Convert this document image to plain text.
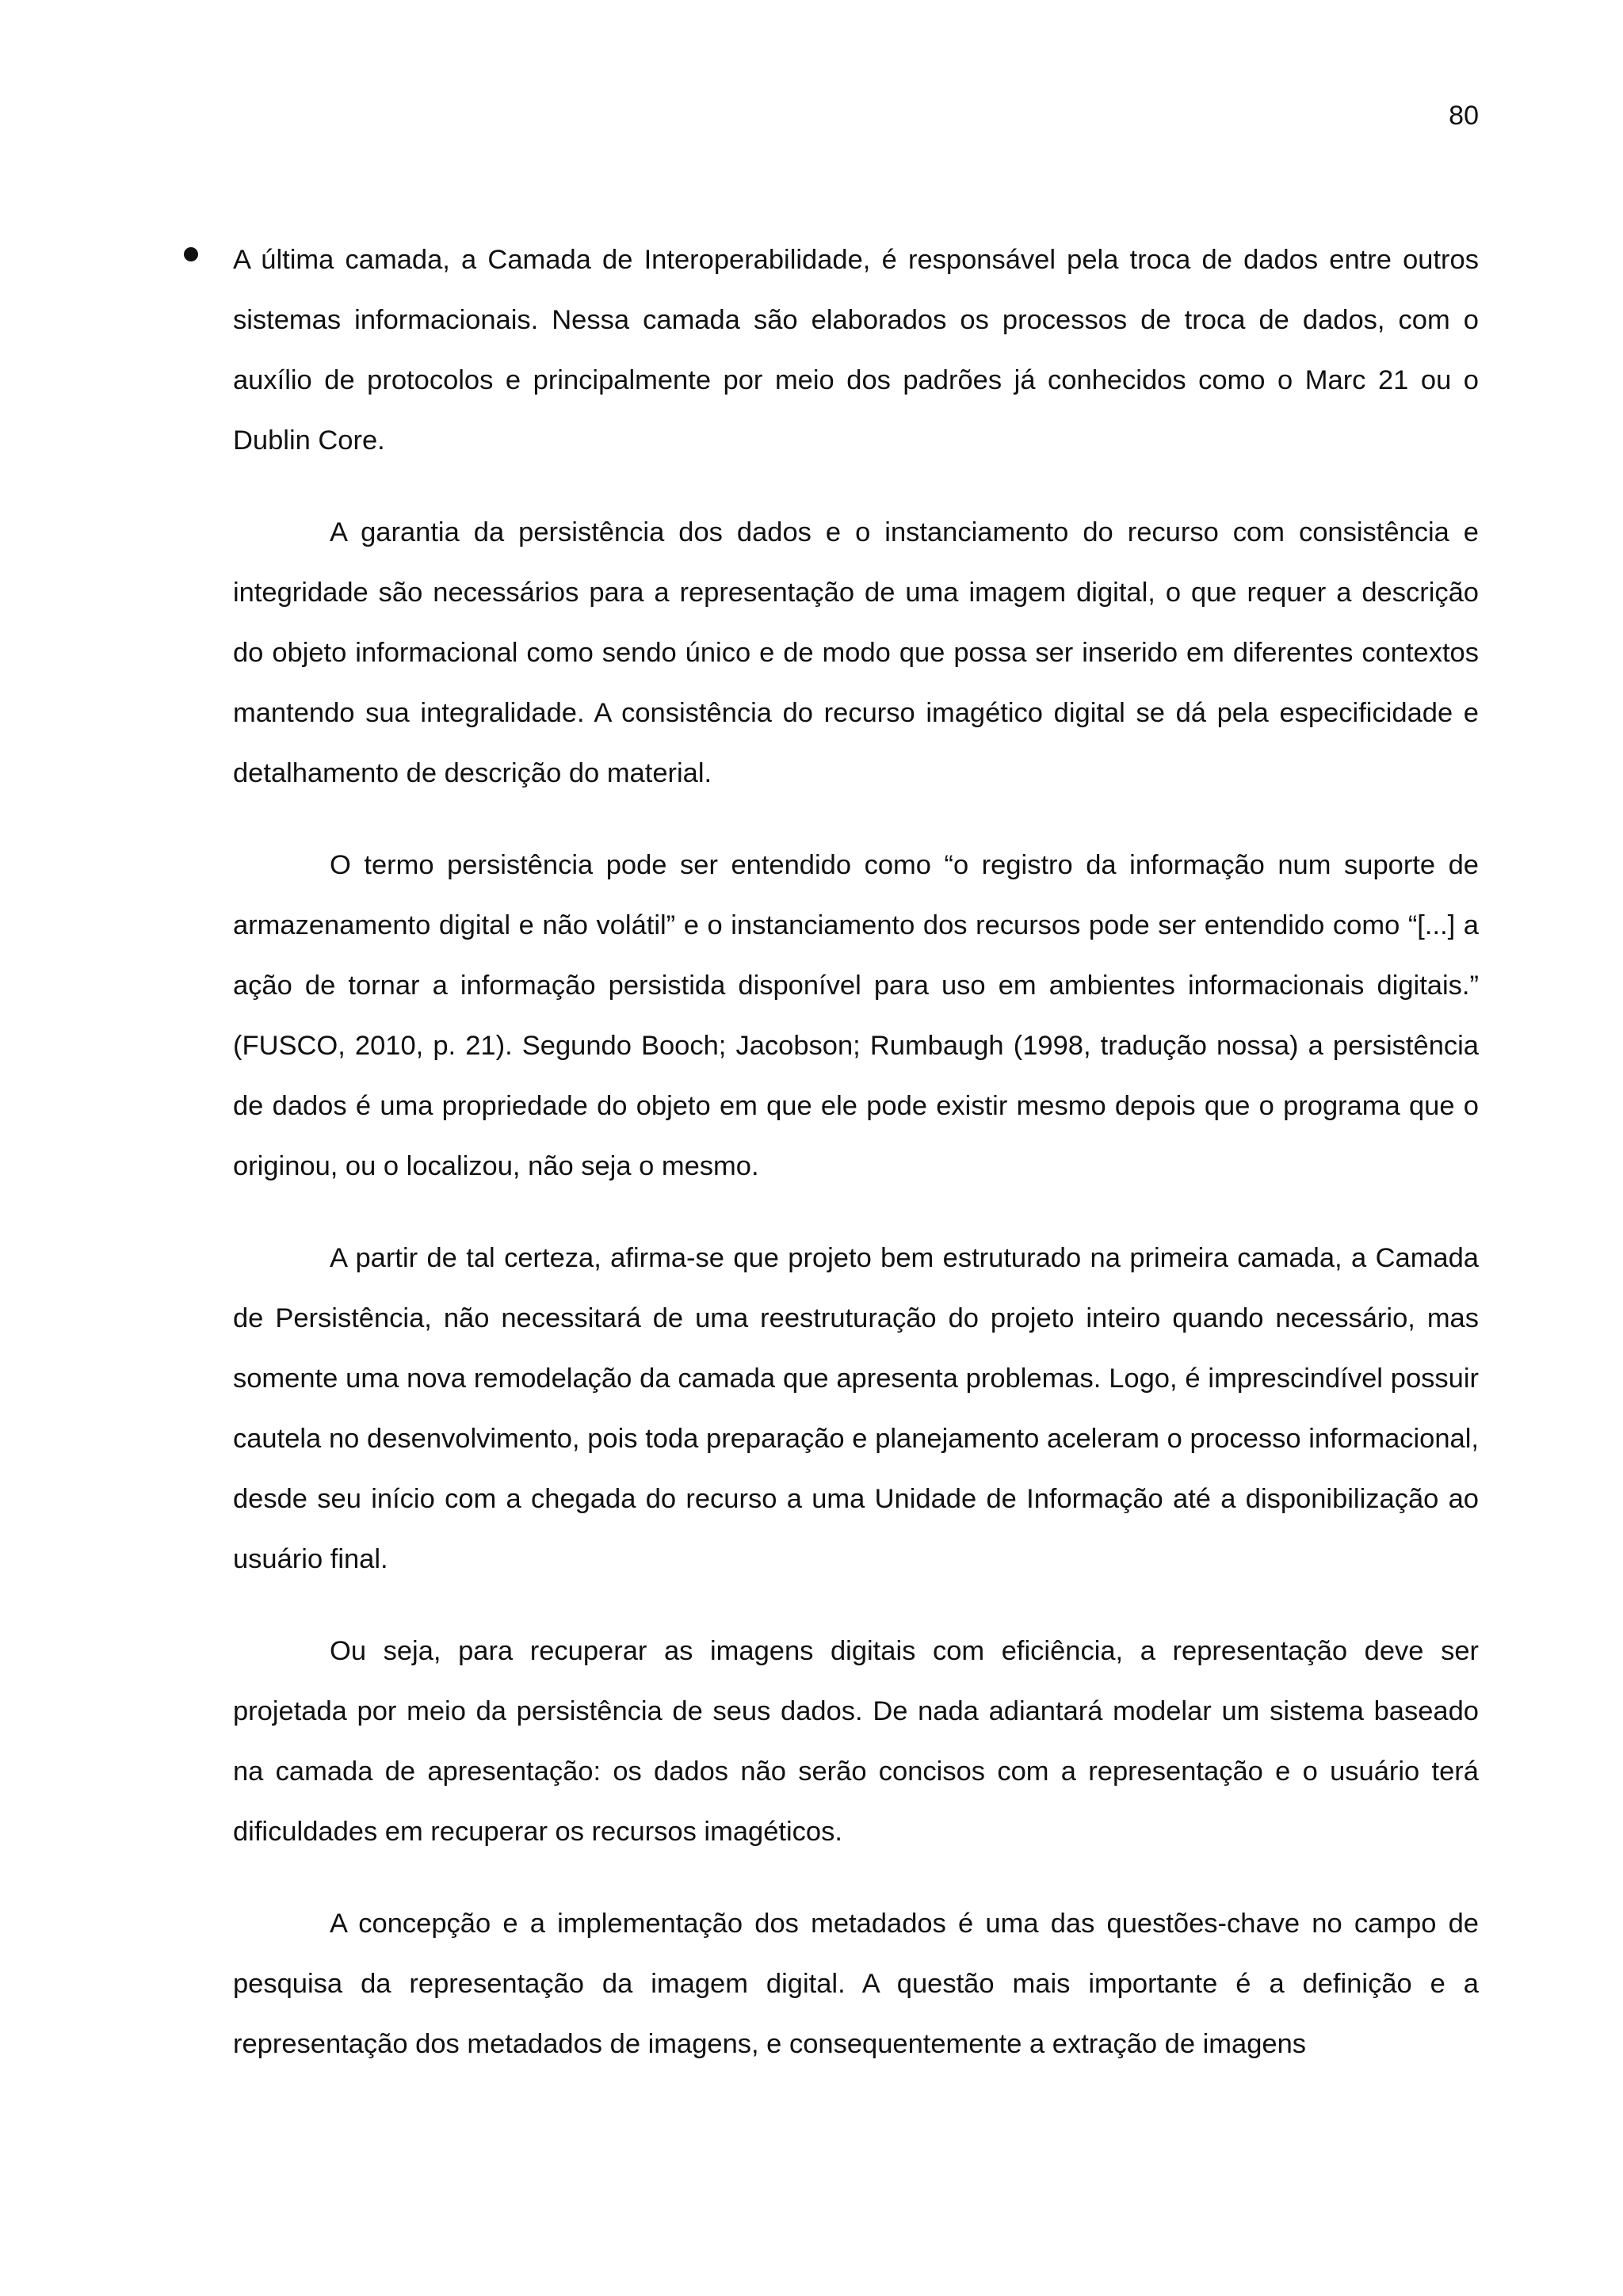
80

A última camada, a Camada de Interoperabilidade, é responsável pela troca de dados entre outros sistemas informacionais. Nessa camada são elaborados os processos de troca de dados, com o auxílio de protocolos e principalmente por meio dos padrões já conhecidos como o Marc 21 ou o Dublin Core.

A garantia da persistência dos dados e o instanciamento do recurso com consistência e integridade são necessários para a representação de uma imagem digital, o que requer a descrição do objeto informacional como sendo único e de modo que possa ser inserido em diferentes contextos mantendo sua integralidade. A consistência do recurso imagético digital se dá pela especificidade e detalhamento de descrição do material.

O termo persistência pode ser entendido como “o registro da informação num suporte de armazenamento digital e não volátil” e o instanciamento dos recursos pode ser entendido como “[...] a ação de tornar a informação persistida disponível para uso em ambientes informacionais digitais.” (FUSCO, 2010, p. 21). Segundo Booch; Jacobson; Rumbaugh (1998, tradução nossa) a persistência de dados é uma propriedade do objeto em que ele pode existir mesmo depois que o programa que o originou, ou o localizou, não seja o mesmo.

A partir de tal certeza, afirma-se que projeto bem estruturado na primeira camada, a Camada de Persistência, não necessitará de uma reestruturação do projeto inteiro quando necessário, mas somente uma nova remodelação da camada que apresenta problemas. Logo, é imprescindível possuir cautela no desenvolvimento, pois toda preparação e planejamento aceleram o processo informacional, desde seu início com a chegada do recurso a uma Unidade de Informação até a disponibilização ao usuário final.

Ou seja, para recuperar as imagens digitais com eficiência, a representação deve ser projetada por meio da persistência de seus dados. De nada adiantará modelar um sistema baseado na camada de apresentação: os dados não serão concisos com a representação e o usuário terá dificuldades em recuperar os recursos imagéticos.

A concepção e a implementação dos metadados é uma das questões-chave no campo de pesquisa da representação da imagem digital. A questão mais importante é a definição e a representação dos metadados de imagens, e consequentemente a extração de imagens
